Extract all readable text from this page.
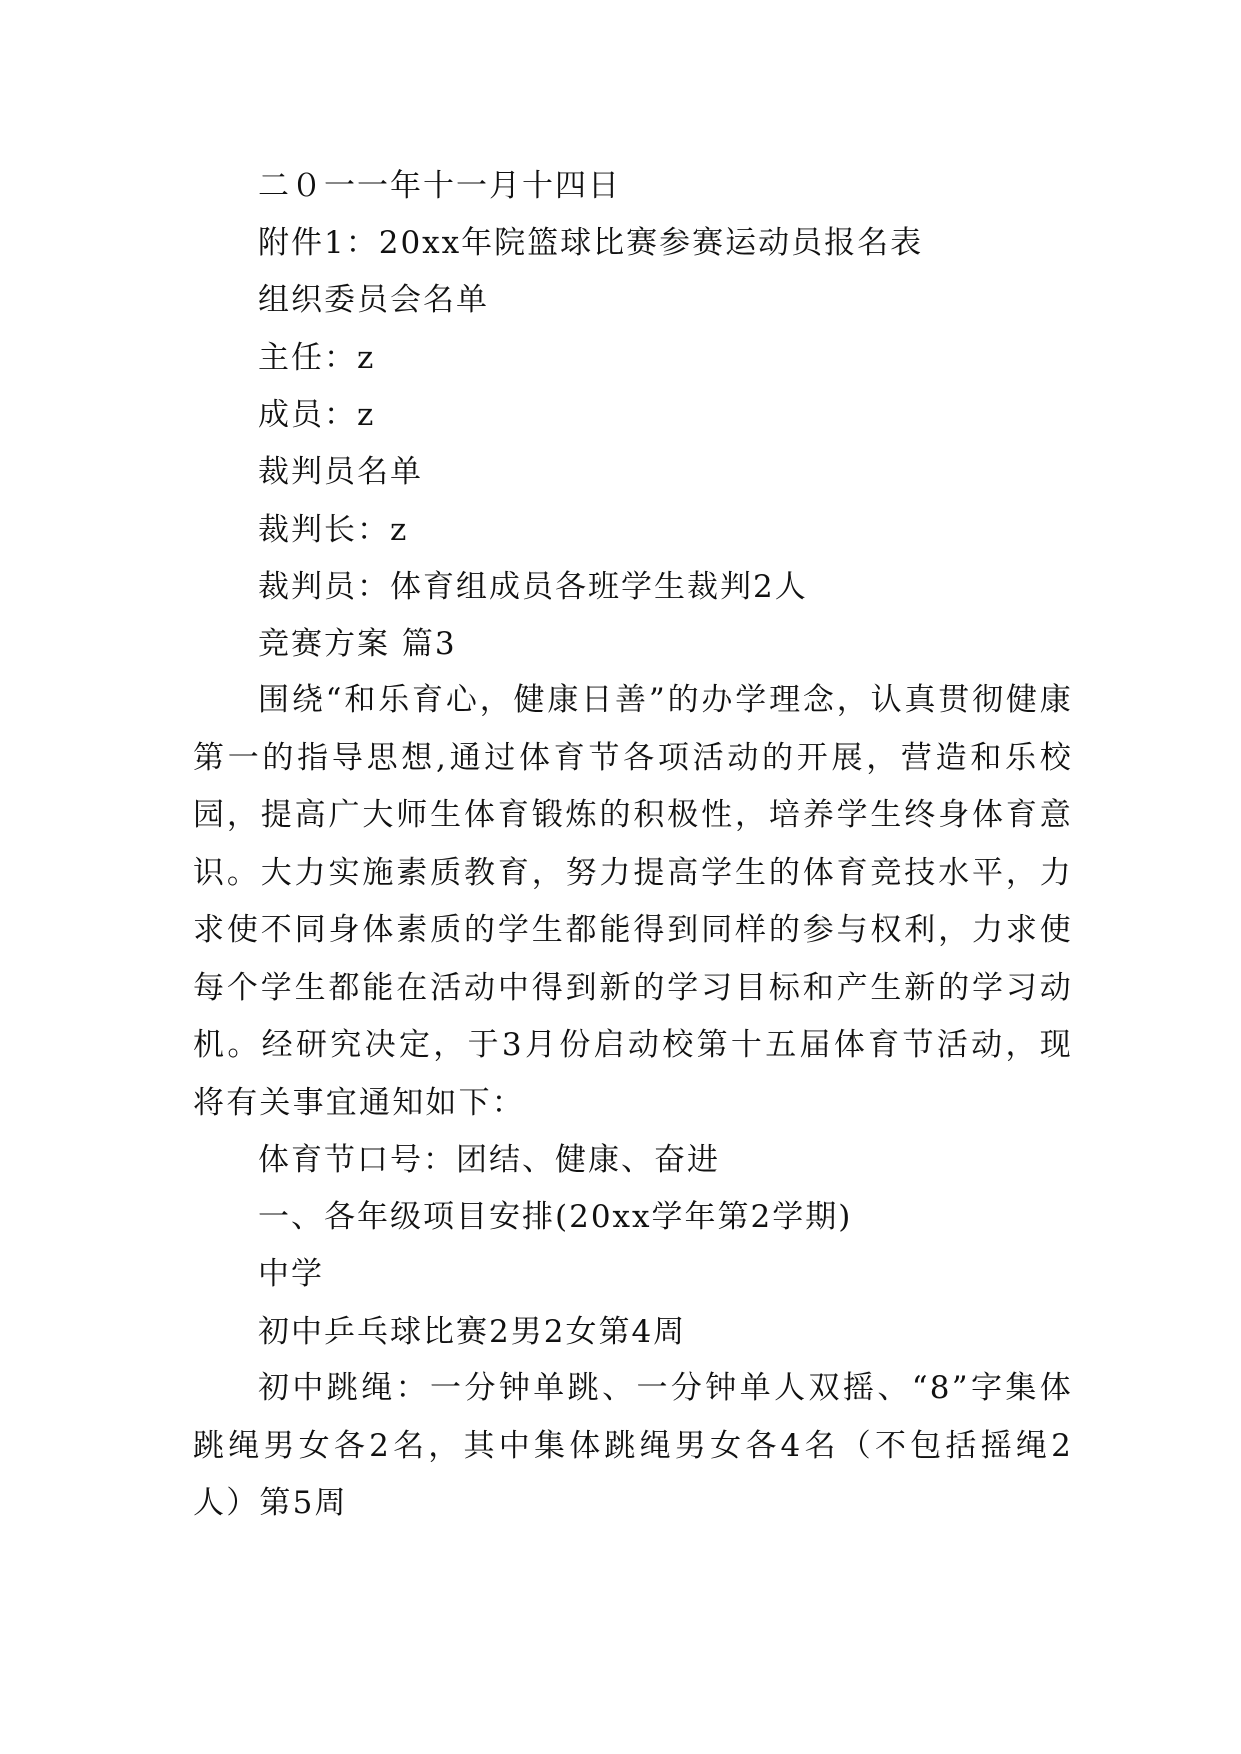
二０一一年十一月十四日
附件1：20xx年院篮球比赛参赛运动员报名表
组织委员会名单
主任：z
成员：z
裁判员名单
裁判长：z
裁判员：体育组成员各班学生裁判2人
竞赛方案 篇3

围绕“和乐育心，健康日善”的办学理念，认真贯彻健康第一的指导思想,通过体育节各项活动的开展，营造和乐校园，提高广大师生体育锻炼的积极性，培养学生终身体育意识。大力实施素质教育，努力提高学生的体育竞技水平，力求使不同身体素质的学生都能得到同样的参与权利，力求使每个学生都能在活动中得到新的学习目标和产生新的学习动机。经研究决定，于3月份启动校第十五届体育节活动，现将有关事宜通知如下：

体育节口号：团结、健康、奋进
一、各年级项目安排(20xx学年第2学期)
中学
初中乒乓球比赛2男2女第4周

初中跳绳：一分钟单跳、一分钟单人双摇、“8”字集体跳绳男女各2名，其中集体跳绳男女各4名（不包括摇绳2人）第5周
